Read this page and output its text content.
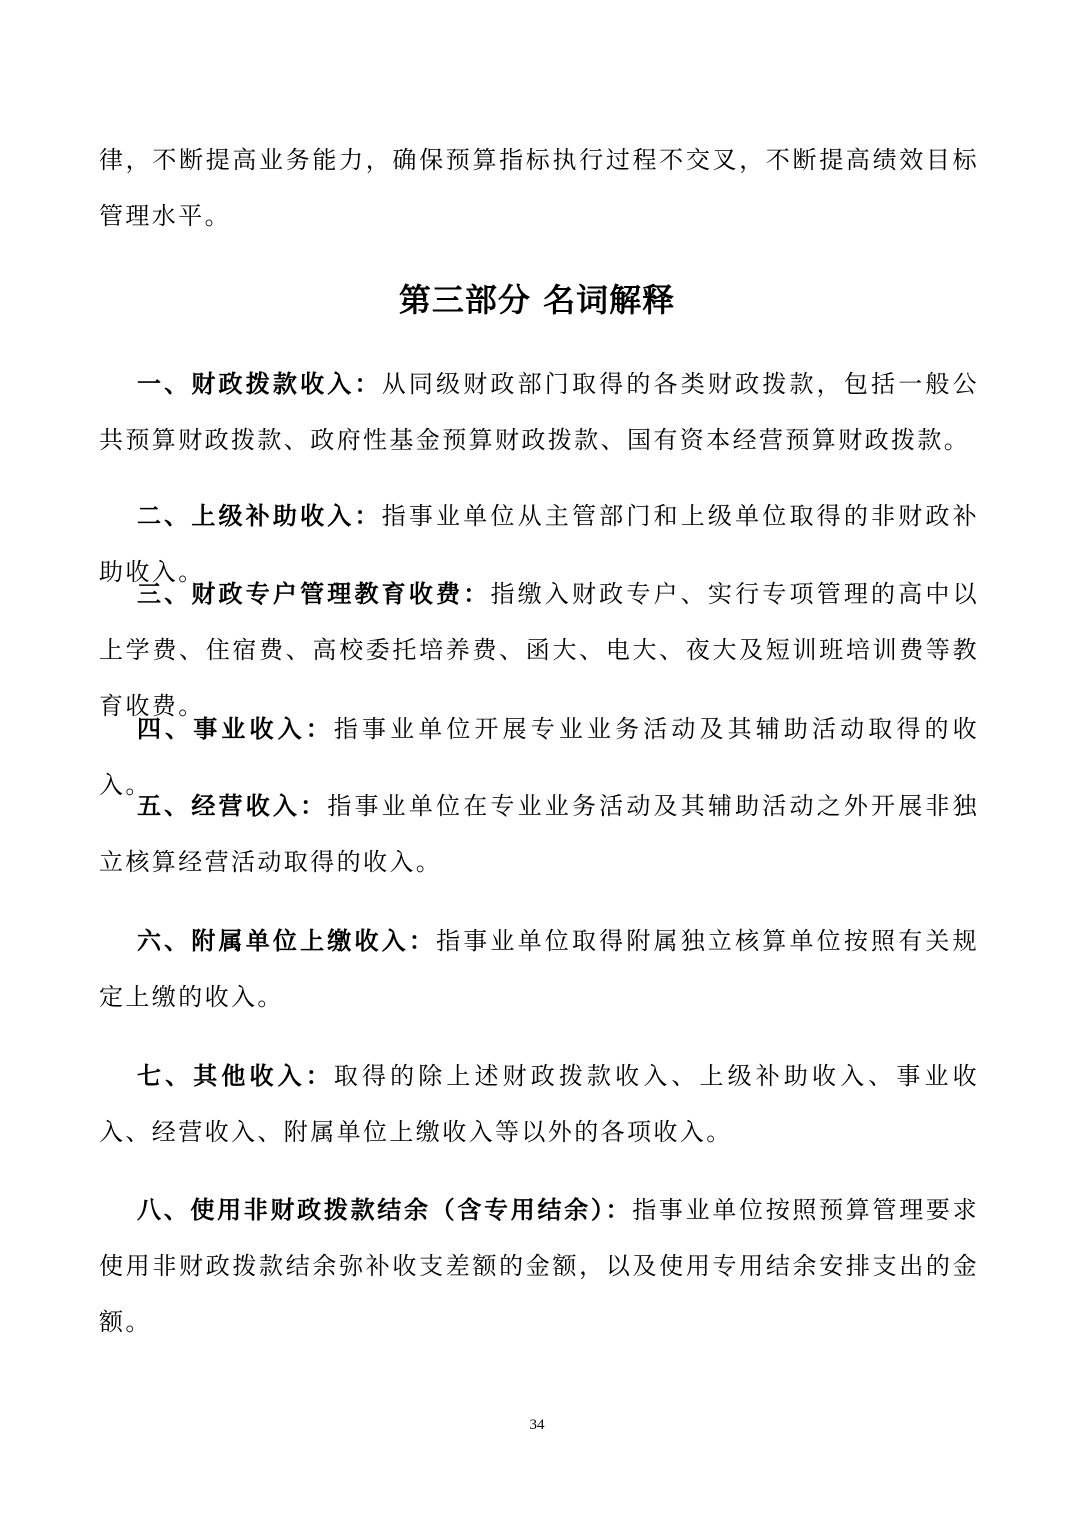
律，不断提高业务能力，确保预算指标执行过程不交叉，不断提高绩效目标管理水平。

第三部分 名词解释

一、财政拨款收入：从同级财政部门取得的各类财政拨款，包括一般公共预算财政拨款、政府性基金预算财政拨款、国有资本经营预算财政拨款。

二、上级补助收入：指事业单位从主管部门和上级单位取得的非财政补助收入。

三、财政专户管理教育收费：指缴入财政专户、实行专项管理的高中以上学费、住宿费、高校委托培养费、函大、电大、夜大及短训班培训费等教育收费。

四、事业收入：指事业单位开展专业业务活动及其辅助活动取得的收入。

五、经营收入：指事业单位在专业业务活动及其辅助活动之外开展非独立核算经营活动取得的收入。

六、附属单位上缴收入：指事业单位取得附属独立核算单位按照有关规定上缴的收入。

七、其他收入：取得的除上述财政拨款收入、上级补助收入、事业收入、经营收入、附属单位上缴收入等以外的各项收入。

八、使用非财政拨款结余（含专用结余）：指事业单位按照预算管理要求使用非财政拨款结余弥补收支差额的金额，以及使用专用结余安排支出的金额。

34
